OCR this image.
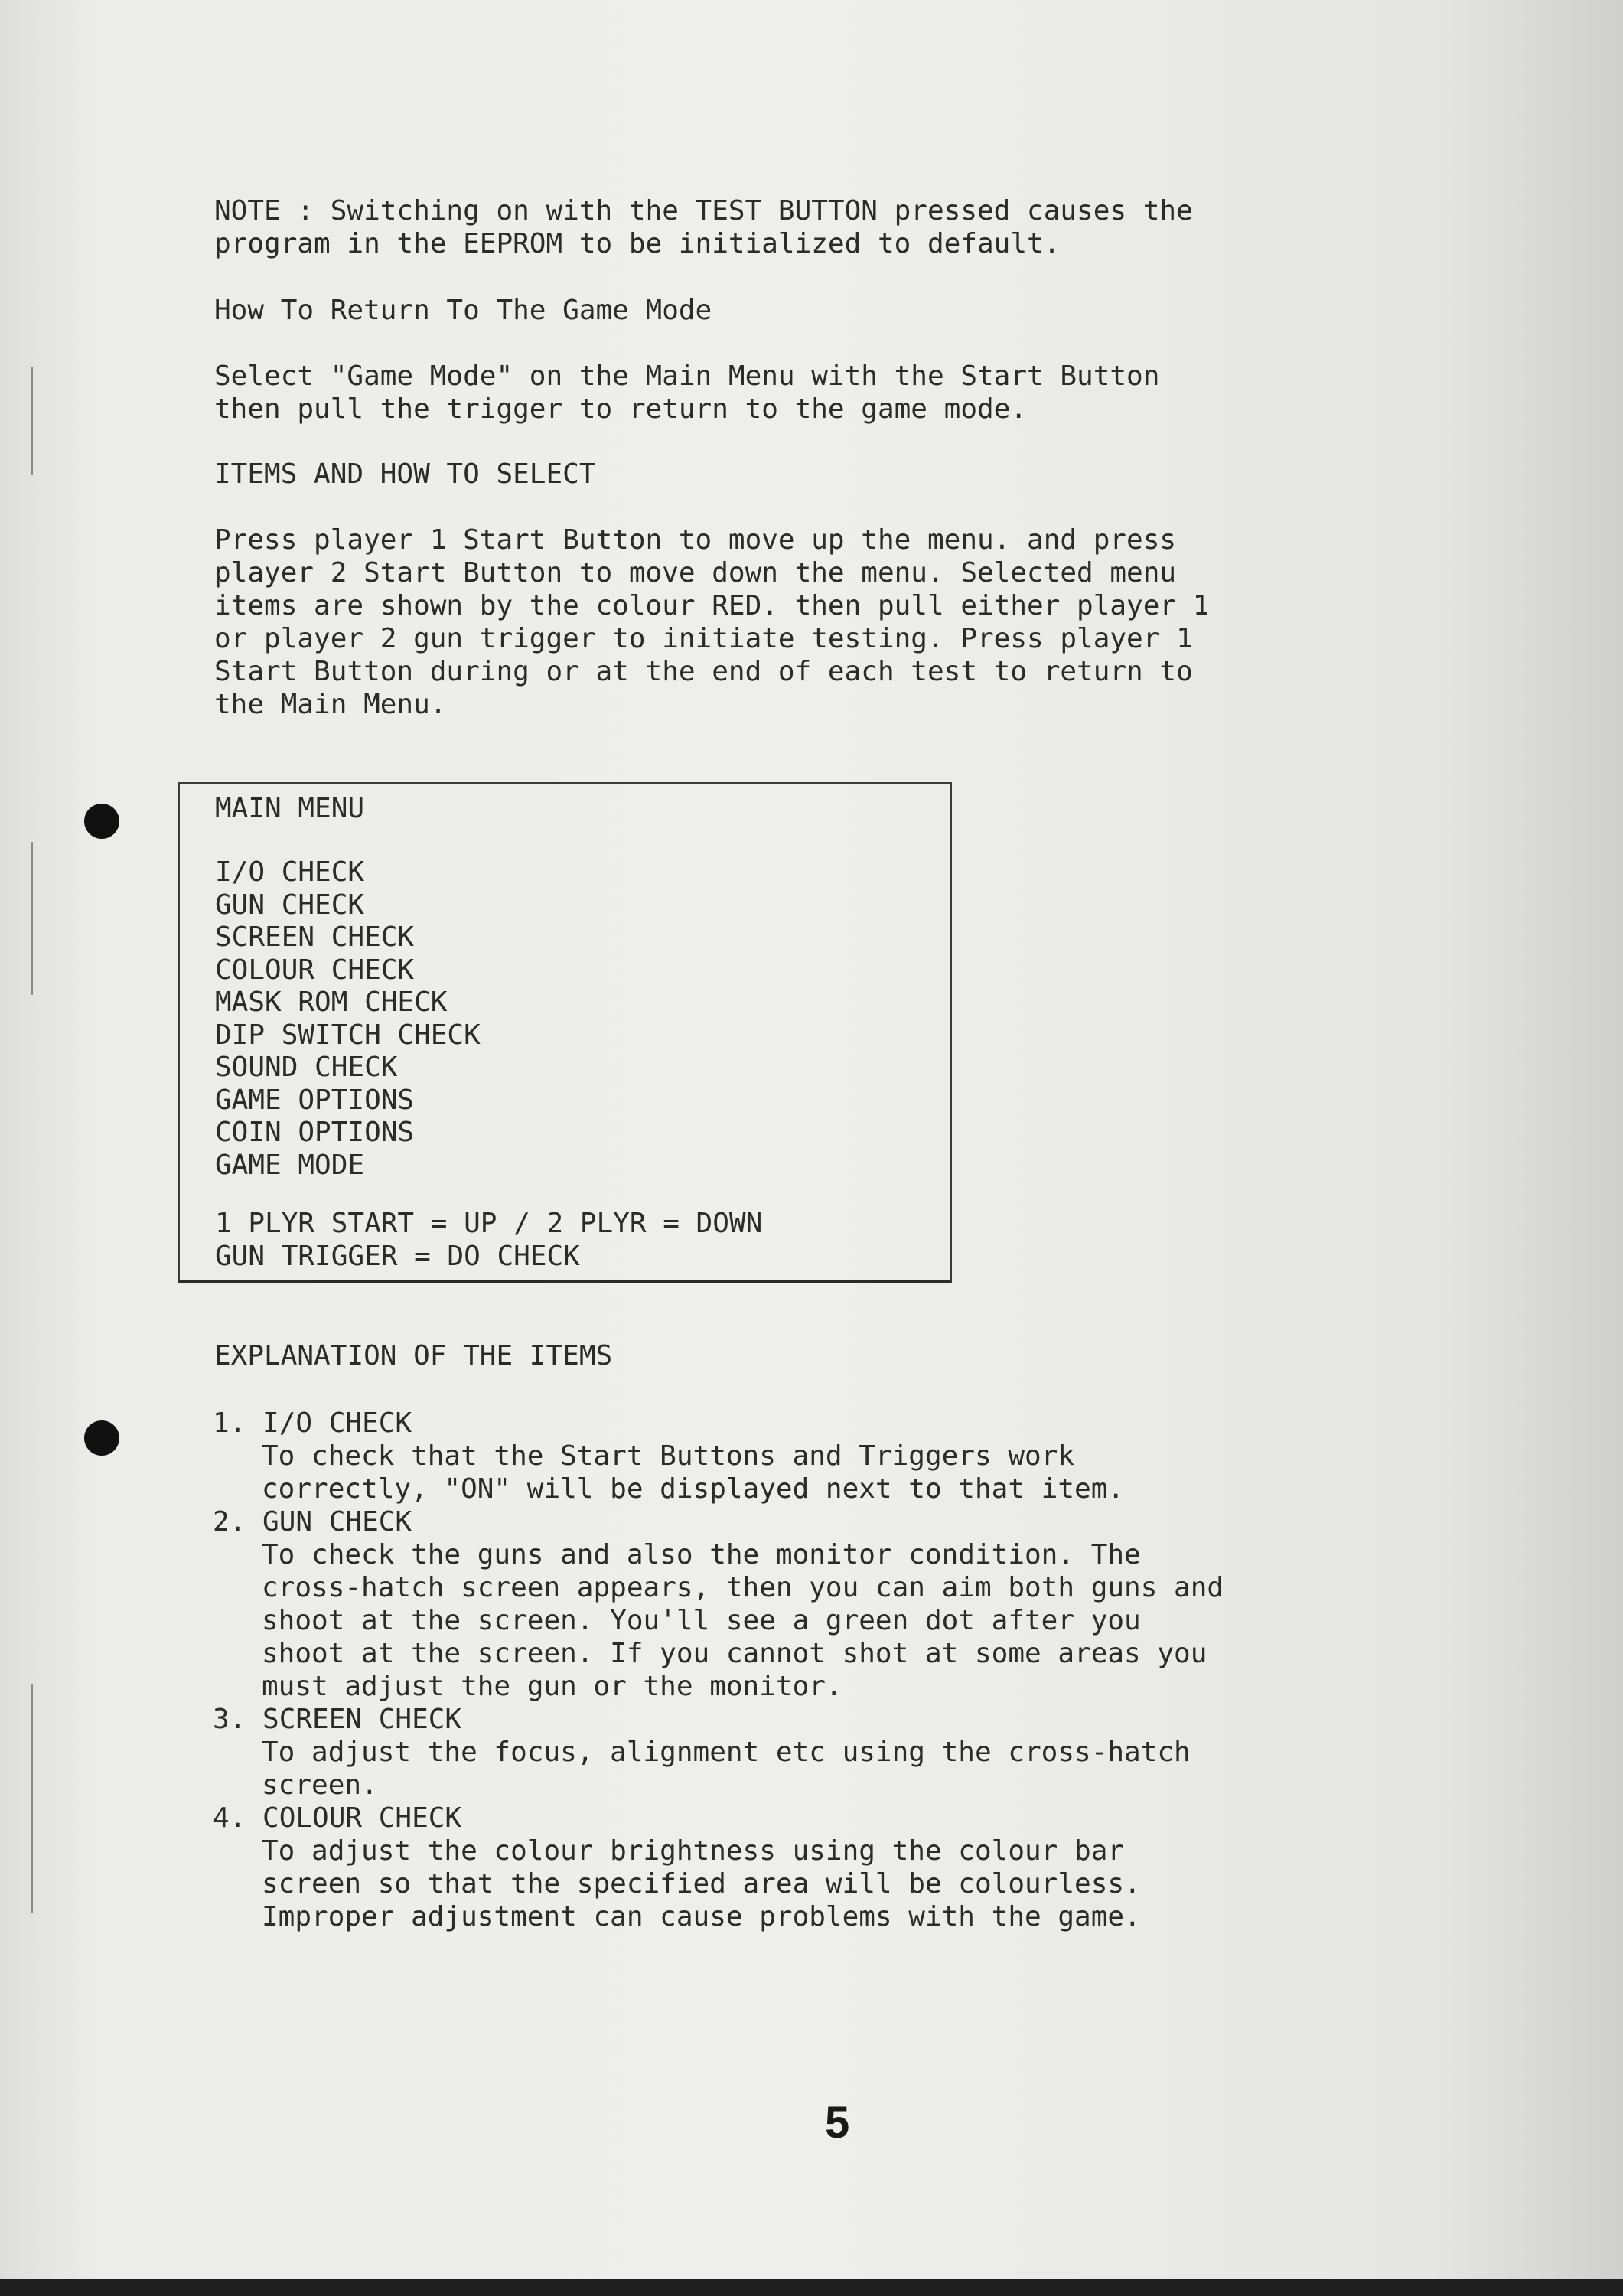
NOTE : Switching on with the TEST BUTTON pressed causes the
program in the EEPROM to be initialized to default.

How To Return To The Game Mode

Select "Game Mode" on the Main Menu with the Start Button
then pull the trigger to return to the game mode.

ITEMS AND HOW TO SELECT

Press player 1 Start Button to move up the menu. and press
player 2 Start Button to move down the menu. Selected menu
items are shown by the colour RED. then pull either player 1
or player 2 gun trigger to initiate testing. Press player 1
Start Button during or at the end of each test to return to
the Main Menu.

MAIN MENU
I/O CHECK
GUN CHECK
SCREEN CHECK
COLOUR CHECK
MASK ROM CHECK
DIP SWITCH CHECK
SOUND CHECK
GAME OPTIONS
COIN OPTIONS
GAME MODE
1 PLYR START = UP / 2 PLYR = DOWN
GUN TRIGGER = DO CHECK

EXPLANATION OF THE ITEMS

1. I/O CHECK

To check that the Start Buttons and Triggers work
correctly, "ON" will be displayed next to that item.

2. GUN CHECK

To check the guns and also the monitor condition. The
cross-hatch screen appears, then you can aim both guns and
shoot at the screen. You'll see a green dot after you
shoot at the screen. If you cannot shot at some areas you
must adjust the gun or the monitor.

3. SCREEN CHECK

To adjust the focus, alignment etc using the cross-hatch
screen.

4. COLOUR CHECK

To adjust the colour brightness using the colour bar
screen so that the specified area will be colourless.
Improper adjustment can cause problems with the game.

5
